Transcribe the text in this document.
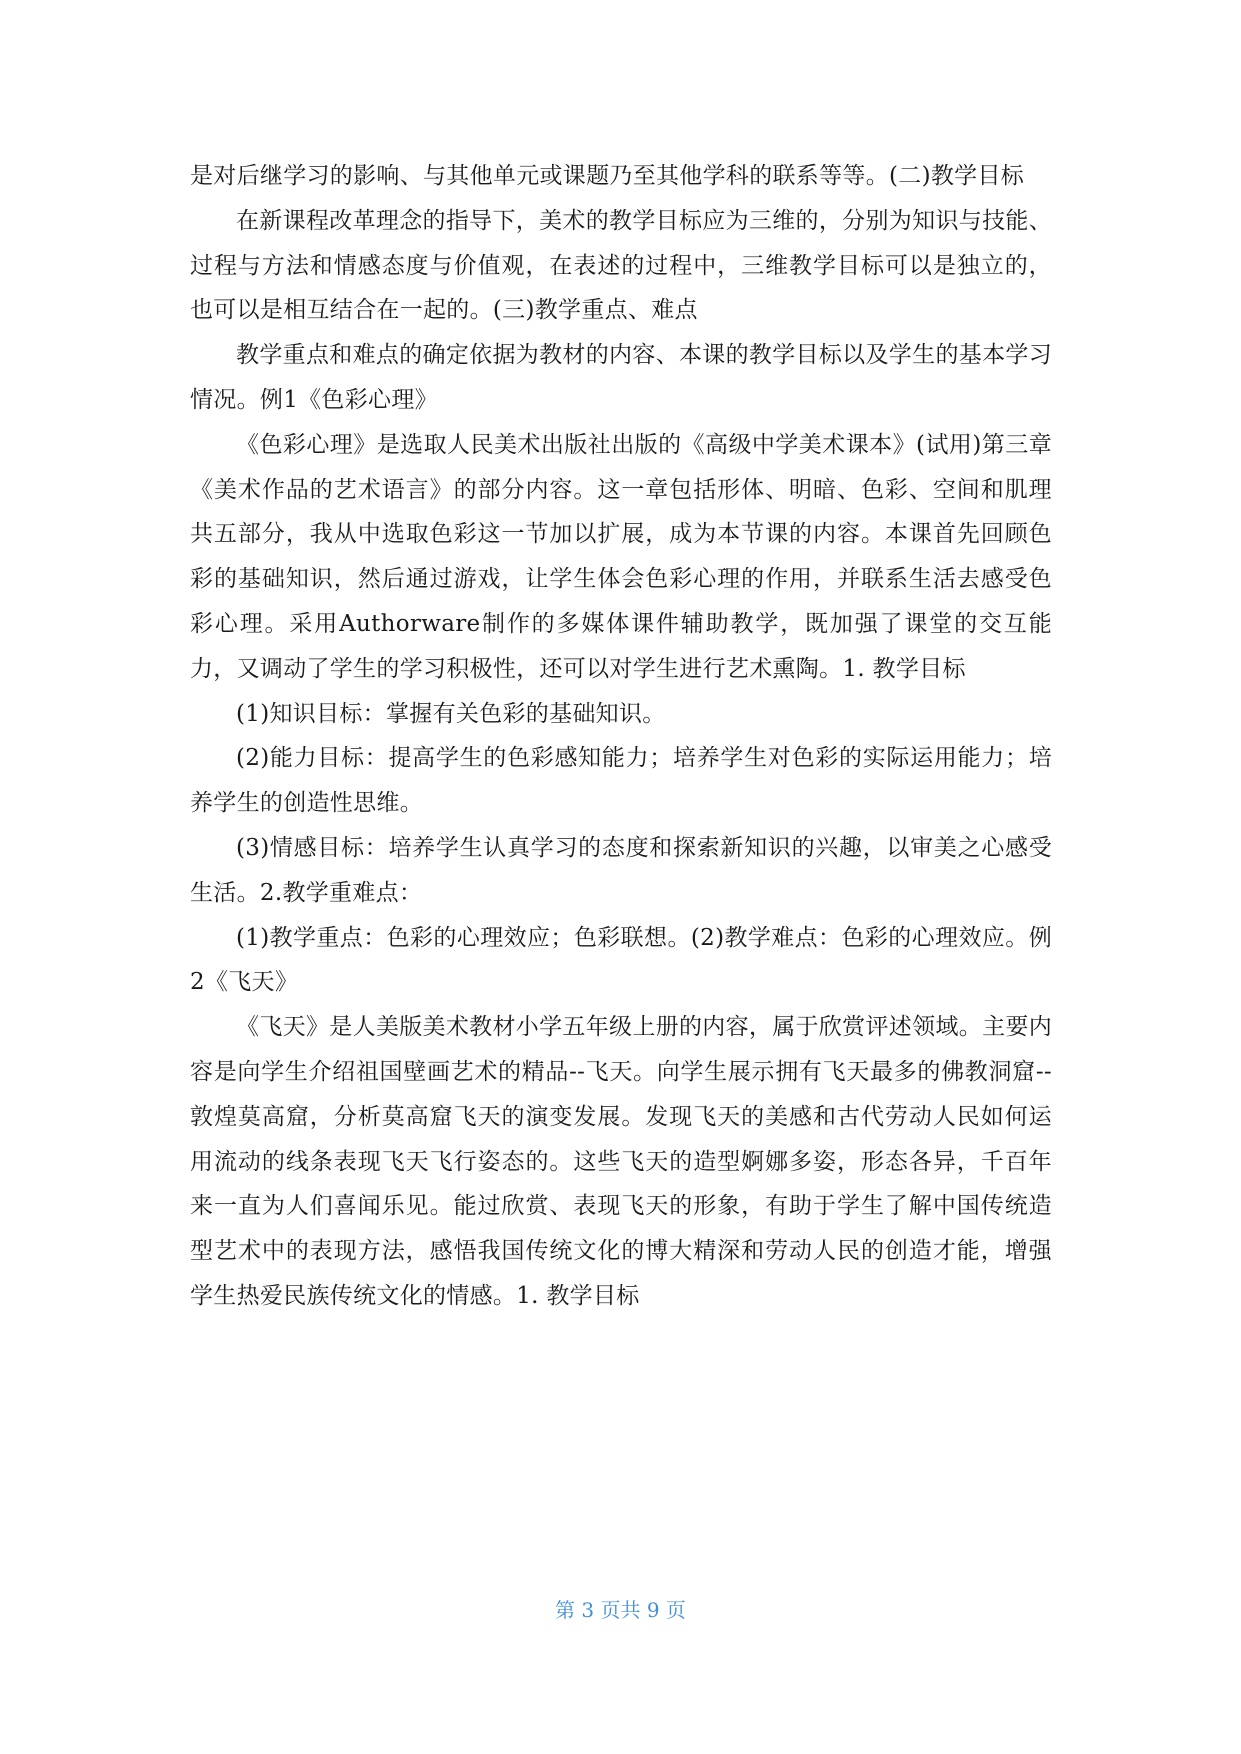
是对后继学习的影响、与其他单元或课题乃至其他学科的联系等等。(二)教学目标

在新课程改革理念的指导下，美术的教学目标应为三维的，分别为知识与技能、过程与方法和情感态度与价值观，在表述的过程中，三维教学目标可以是独立的，也可以是相互结合在一起的。(三)教学重点、难点

教学重点和难点的确定依据为教材的内容、本课的教学目标以及学生的基本学习情况。例1《色彩心理》

《色彩心理》是选取人民美术出版社出版的《高级中学美术课本》(试用)第三章《美术作品的艺术语言》的部分内容。这一章包括形体、明暗、色彩、空间和肌理共五部分，我从中选取色彩这一节加以扩展，成为本节课的内容。本课首先回顾色彩的基础知识，然后通过游戏，让学生体会色彩心理的作用，并联系生活去感受色彩心理。采用Authorware制作的多媒体课件辅助教学，既加强了课堂的交互能力，又调动了学生的学习积极性，还可以对学生进行艺术熏陶。1. 教学目标

(1)知识目标：掌握有关色彩的基础知识。

(2)能力目标：提高学生的色彩感知能力；培养学生对色彩的实际运用能力；培养学生的创造性思维。

(3)情感目标：培养学生认真学习的态度和探索新知识的兴趣，以审美之心感受生活。2.教学重难点：

(1)教学重点：色彩的心理效应；色彩联想。(2)教学难点：色彩的心理效应。例2《飞天》

《飞天》是人美版美术教材小学五年级上册的内容，属于欣赏评述领域。主要内容是向学生介绍祖国壁画艺术的精品--飞天。向学生展示拥有飞天最多的佛教洞窟--敦煌莫高窟，分析莫高窟飞天的演变发展。发现飞天的美感和古代劳动人民如何运用流动的线条表现飞天飞行姿态的。这些飞天的造型婀娜多姿，形态各异，千百年来一直为人们喜闻乐见。能过欣赏、表现飞天的形象，有助于学生了解中国传统造型艺术中的表现方法，感悟我国传统文化的博大精深和劳动人民的创造才能，增强学生热爱民族传统文化的情感。1. 教学目标

第 3 页共 9 页
